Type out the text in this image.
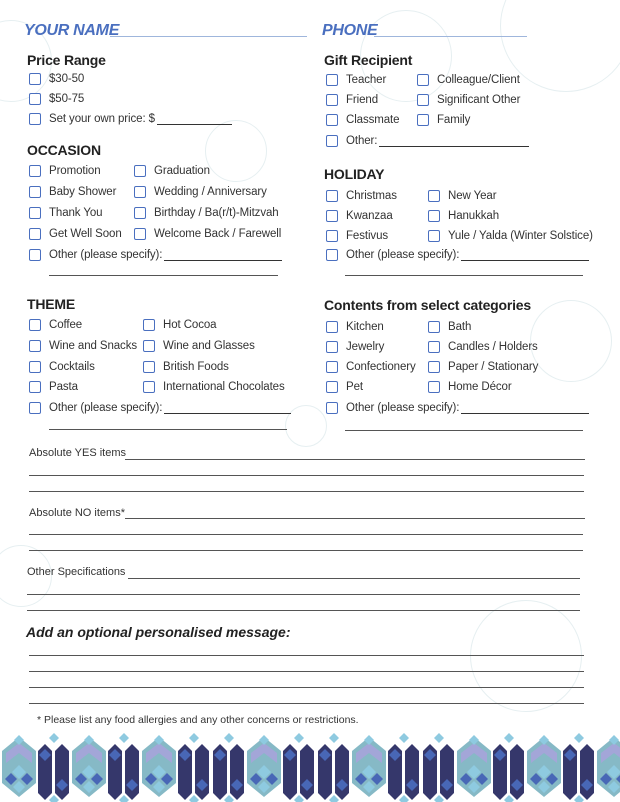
YOUR NAME	PHONE
Price Range
$30-50
$50-75
Set your own price: $
Gift Recipient
Teacher
Friend
Classmate
Colleague/Client
Significant Other
Family
Other:
OCCASION
Promotion
Baby Shower
Thank You
Get Well Soon
Graduation
Wedding / Anniversary
Birthday / Ba(r/t)-Mitzvah
Welcome Back / Farewell
Other (please specify):
HOLIDAY
Christmas
Kwanzaa
Festivus
New Year
Hanukkah
Yule / Yalda (Winter Solstice)
Other (please specify):
THEME
Coffee
Wine and Snacks
Cocktails
Pasta
Hot Cocoa
Wine and Glasses
British Foods
International Chocolates
Other (please specify):
Contents from select categories
Kitchen
Jewelry
Confectionery
Pet
Bath
Candles / Holders
Paper / Stationary
Home Décor
Other (please specify):
Absolute YES items
Absolute NO items*
Other Specifications
Add an optional personalised message:
* Please list any food allergies and any other concerns or restrictions.
